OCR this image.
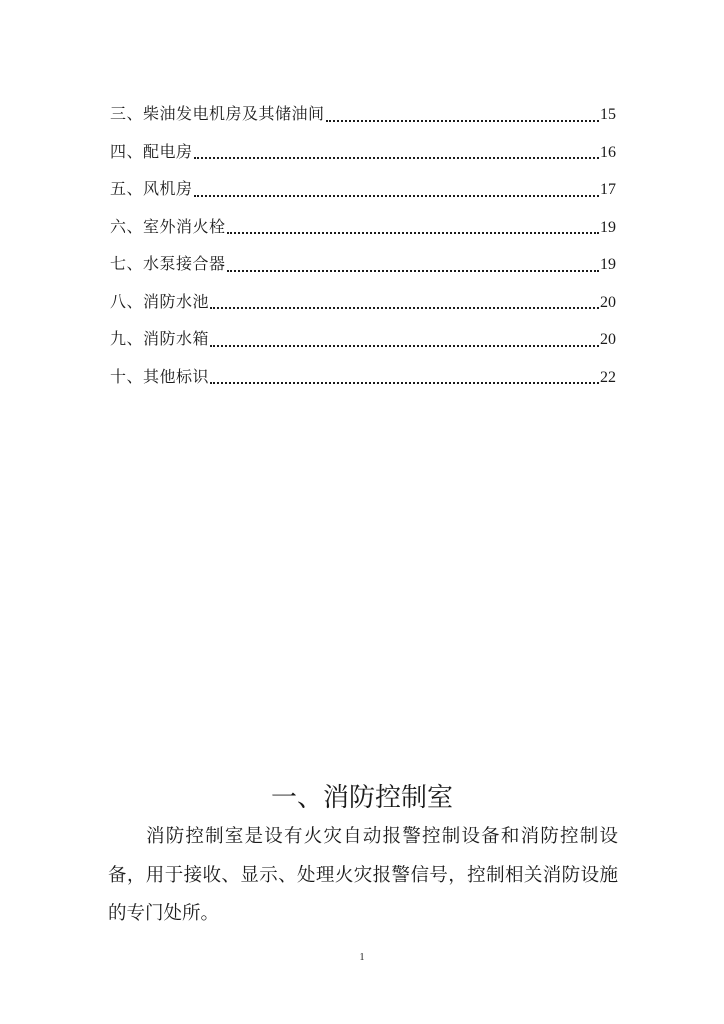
三、柴油发电机房及其储油间	15
四、配电房	16
五、风机房	17
六、室外消火栓	19
七、水泵接合器	19
八、消防水池	20
九、消防水箱	20
十、其他标识	22
一、消防控制室

消防控制室是设有火灾自动报警控制设备和消防控制设备，用于接收、显示、处理火灾报警信号，控制相关消防设施的专门处所。

1
